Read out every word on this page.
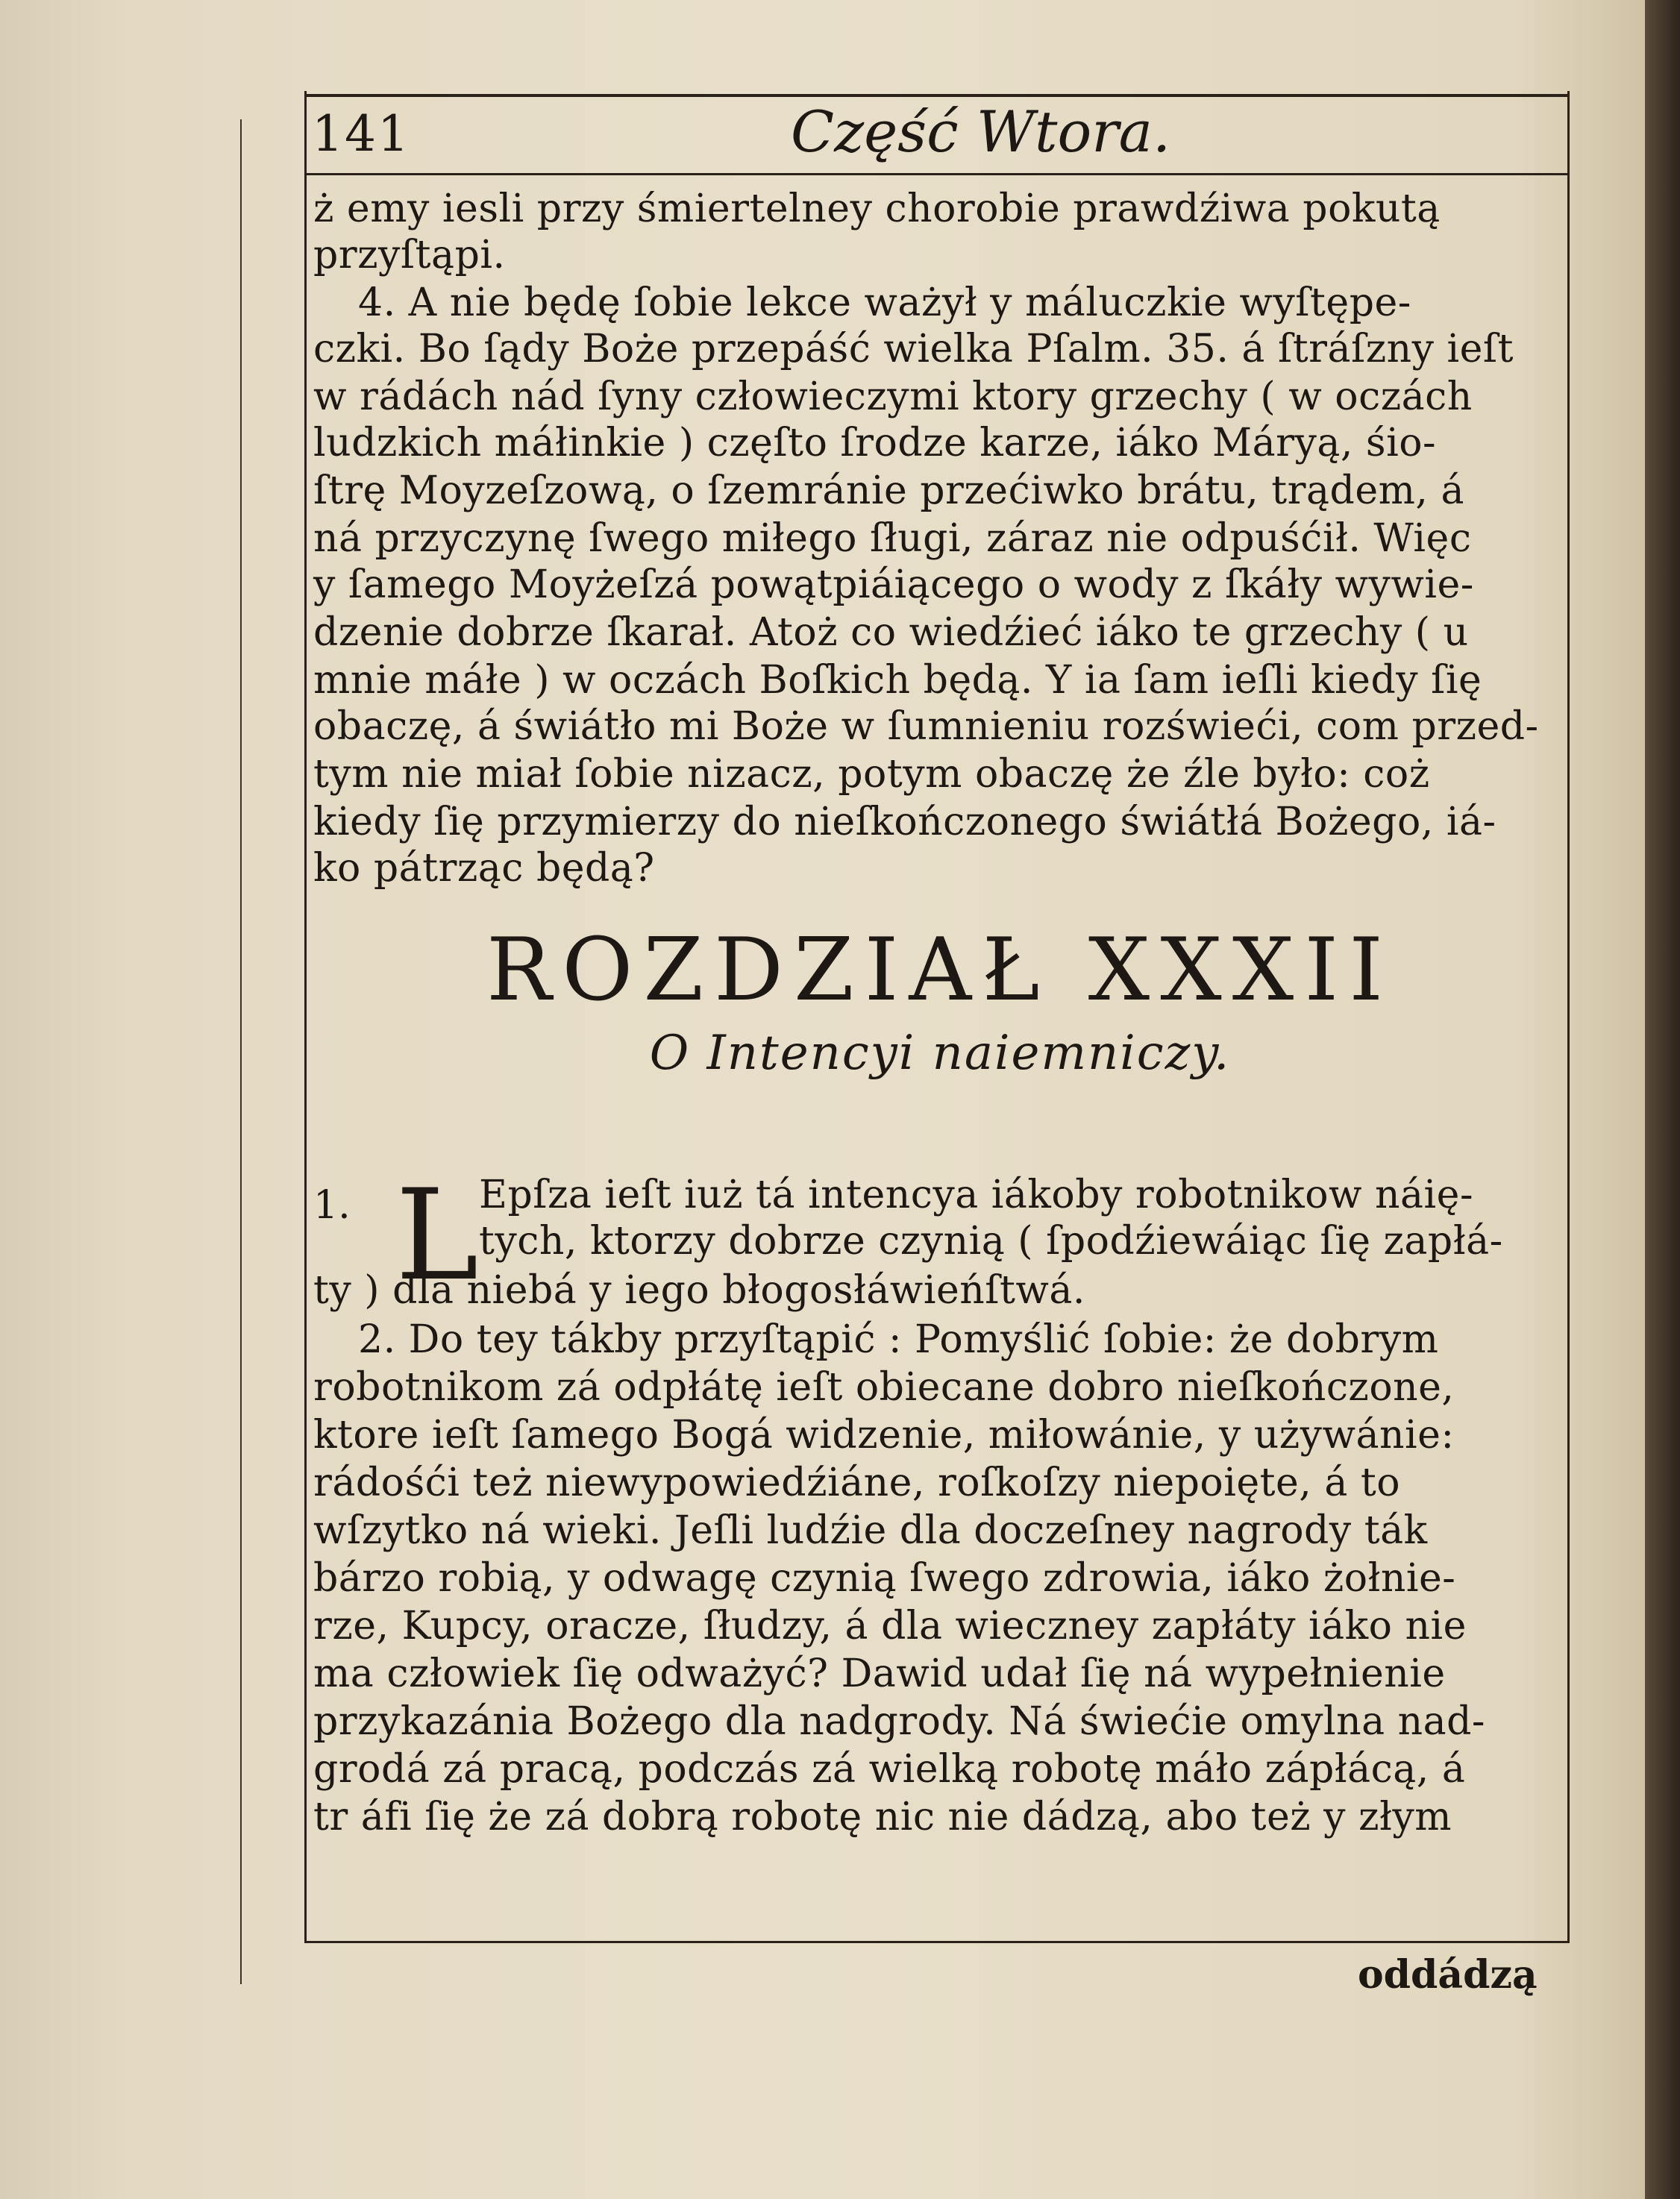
141	Część Wtora.
ż emy iesli przy śmiertelney chorobie prawdźiwa pokutą
przyſtąpi.
4. A nie będę ſobie lekce ważył y máluczkie wyſtępe-
czki. Bo ſądy Boże przepáść wielka Pſalm. 35. á ſtráſzny ieſt
w rádách nád ſyny człowieczymi ktory grzechy ( w oczách
ludzkich máłinkie ) częſto ſrodze karze, iáko Máryą, śio-
ſtrę Moyzeſzową, o ſzemránie przećiwko brátu, trądem, á
ná przyczynę ſwego miłego ſługi, záraz nie odpuśćił. Więc
y ſamego Moyżeſzá powątpiáiącego o wody z ſkáły wywie-
dzenie dobrze ſkarał. Atoż co wiedźieć iáko te grzechy ( u
mnie máłe ) w oczách Boſkich będą. Y ia ſam ieſli kiedy ſię
obaczę, á świátło mi Boże w ſumnieniu rozświeći, com przed-
tym nie miał ſobie nizacz, potym obaczę że źle było: coż
kiedy ſię przymierzy do nieſkończonego świátłá Bożego, iá-
ko pátrząc będą?
ROZDZIAŁ XXXII
O Intencyi naiemniczy.
1. L Epſza ieſt iuż tá intencya iákoby robotnikow náię-
tych, ktorzy dobrze czynią ( ſpodźiewáiąc ſię zapłá-
ty ) dla niebá y iego błogosłáwieńſtwá.
2. Do tey tákby przyſtąpić : Pomyślić ſobie: że dobrym
robotnikom zá odpłátę ieſt obiecane dobro nieſkończone,
ktore ieſt ſamego Bogá widzenie, miłowánie, y używánie:
rádośći też niewypowiedźiáne, roſkoſzy niepoięte, á to
wſzytko ná wieki. Jeſli ludźie dla doczeſney nagrody ták
bárzo robią, y odwagę czynią ſwego zdrowia, iáko żołnie-
rze, Kupcy, oracze, ſłudzy, á dla wieczney zapłáty iáko nie
ma człowiek ſię odważyć? Dawid udał ſię ná wypełnienie
przykazánia Bożego dla nadgrody. Ná świećie omylna nad-
grodá zá pracą, podczás zá wielką robotę máło zápłácą, á
tr áfi ſię że zá dobrą robotę nic nie dádzą, abo też y złym
oddádzą
